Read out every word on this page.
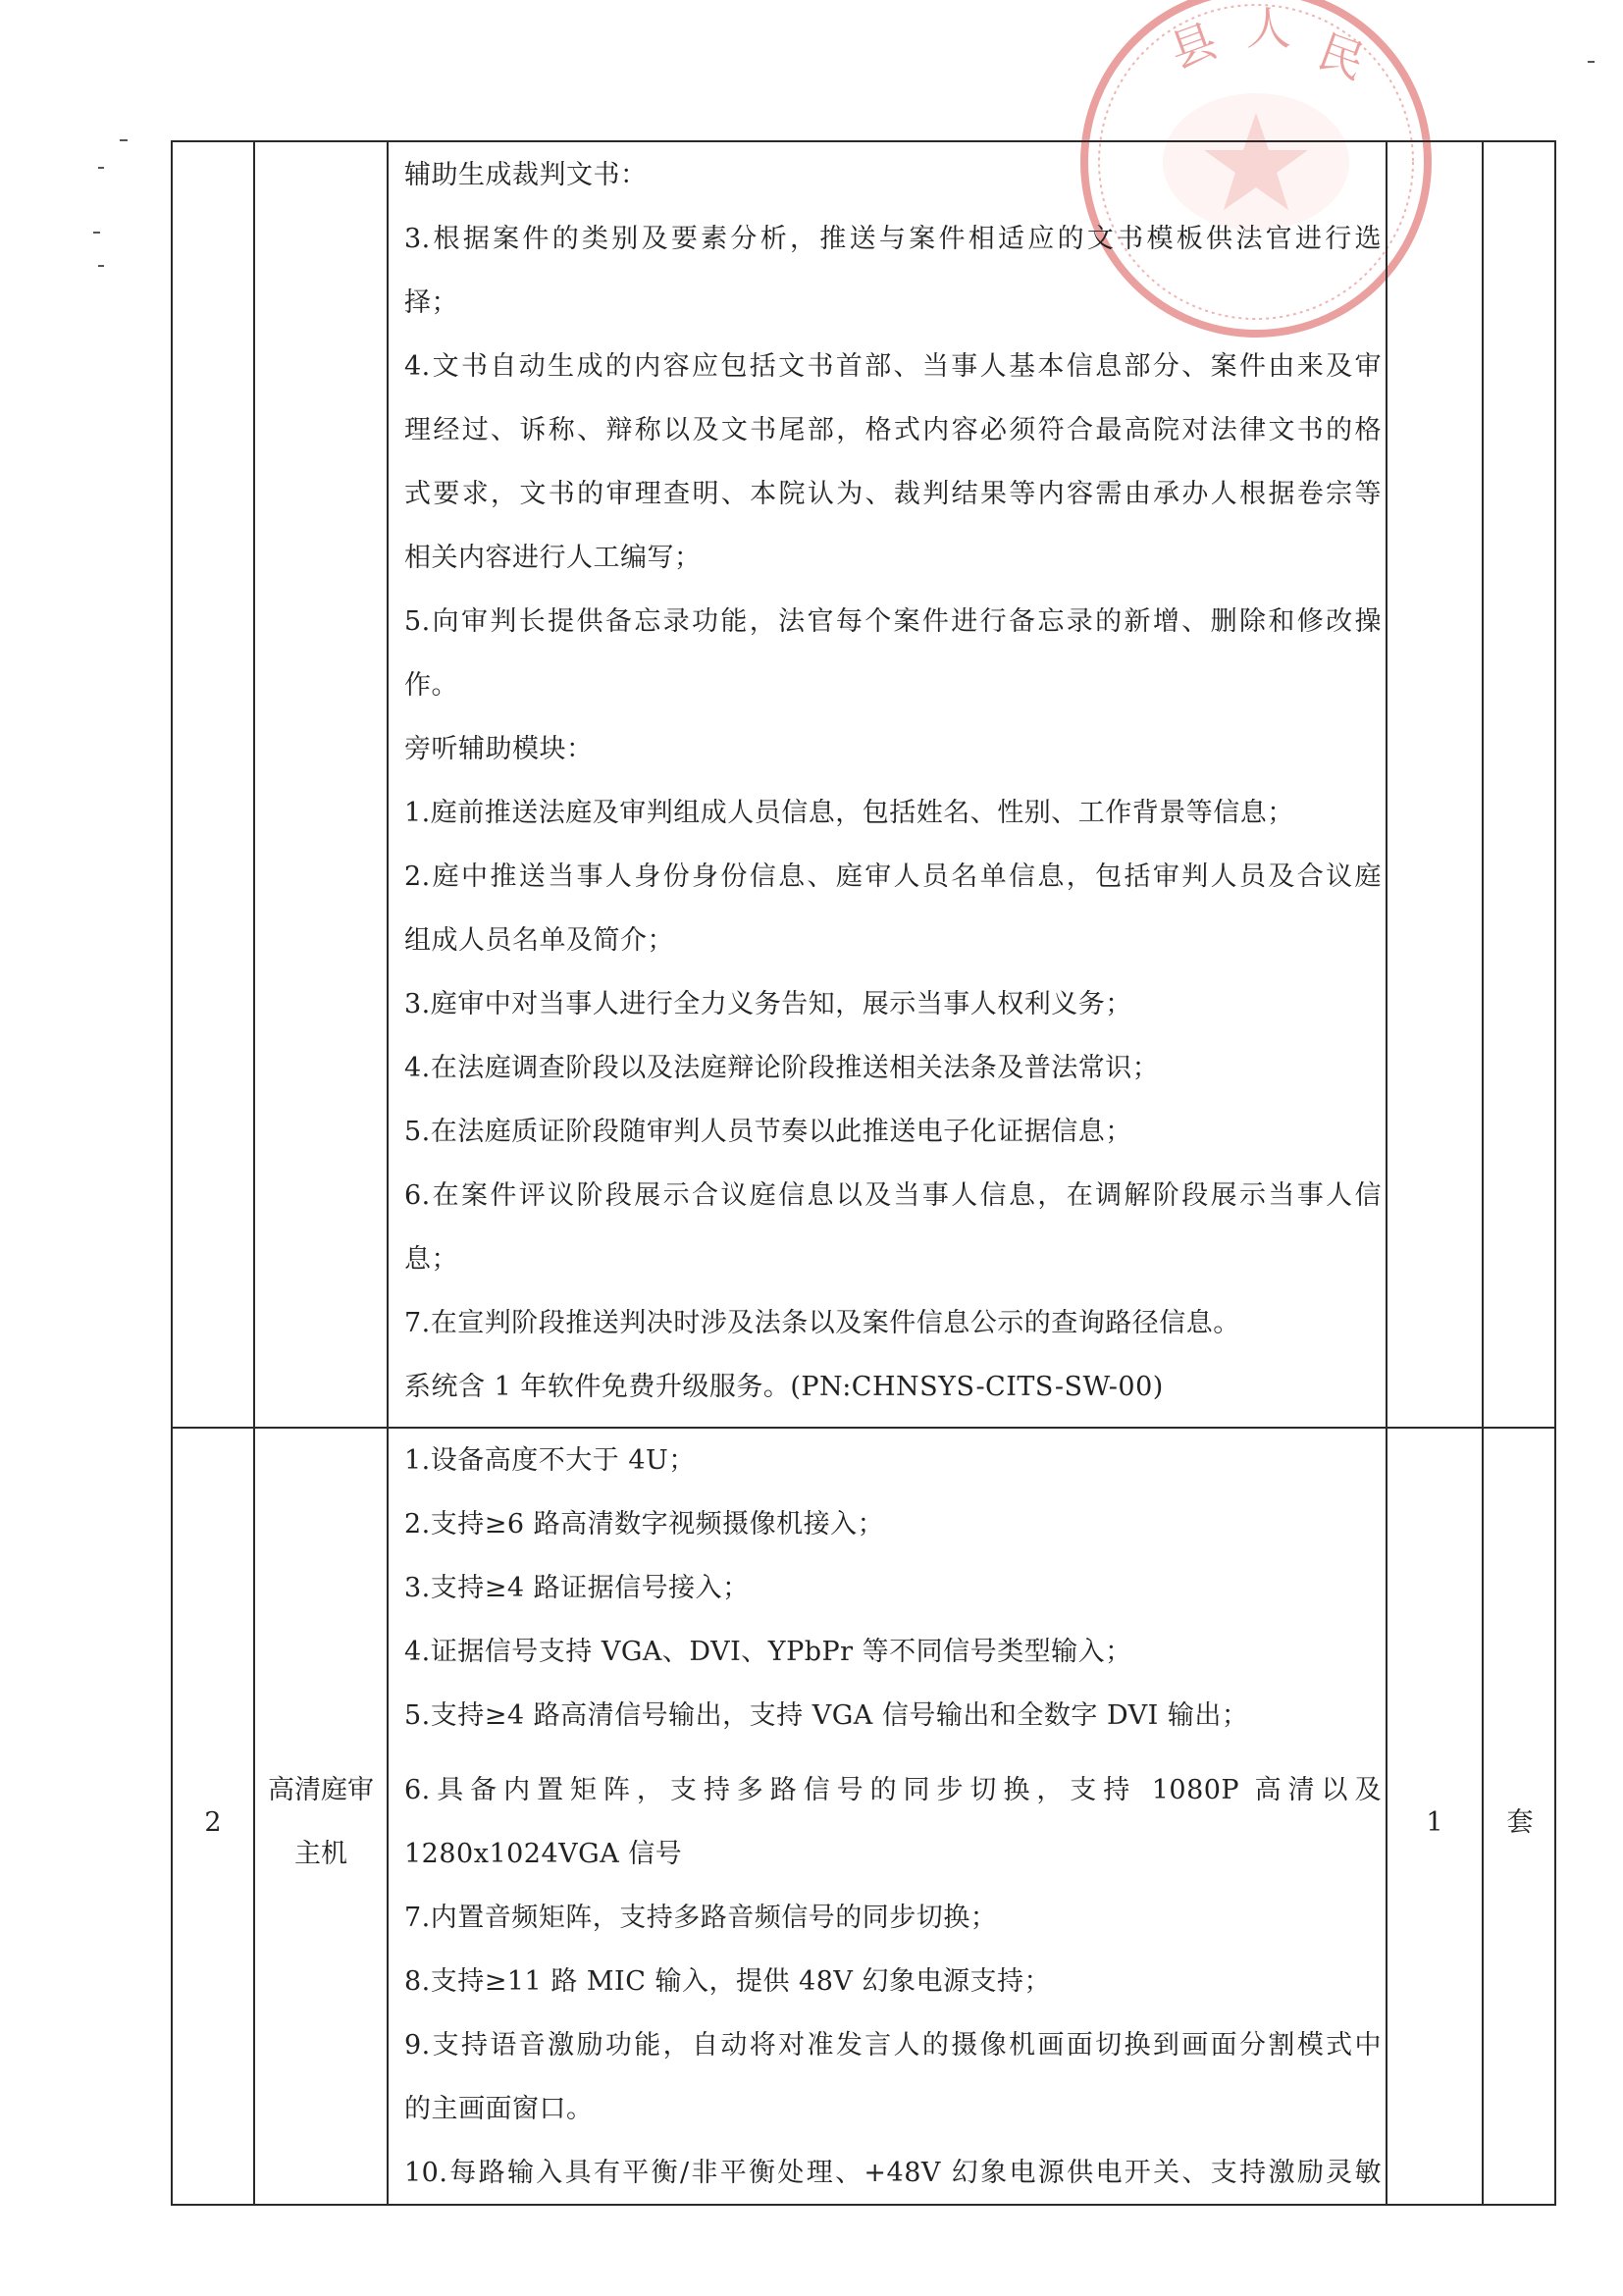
县 人 民
辅助生成裁判文书：
3.根据案件的类别及要素分析，推送与案件相适应的文书模板供法官进行选
择；
4.文书自动生成的内容应包括文书首部、当事人基本信息部分、案件由来及审
理经过、诉称、辩称以及文书尾部，格式内容必须符合最高院对法律文书的格
式要求，文书的审理查明、本院认为、裁判结果等内容需由承办人根据卷宗等
相关内容进行人工编写；
5.向审判长提供备忘录功能，法官每个案件进行备忘录的新增、删除和修改操
作。
旁听辅助模块：
1.庭前推送法庭及审判组成人员信息，包括姓名、性别、工作背景等信息；
2.庭中推送当事人身份身份信息、庭审人员名单信息，包括审判人员及合议庭
组成人员名单及简介；
3.庭审中对当事人进行全力义务告知，展示当事人权利义务；
4.在法庭调查阶段以及法庭辩论阶段推送相关法条及普法常识；
5.在法庭质证阶段随审判人员节奏以此推送电子化证据信息；
6.在案件评议阶段展示合议庭信息以及当事人信息，在调解阶段展示当事人信
息；
7.在宣判阶段推送判决时涉及法条以及案件信息公示的查询路径信息。
系统含 1 年软件免费升级服务。(PN:CHNSYS-CITS-SW-00)
2
高清庭审
主机
1.设备高度不大于 4U；
2.支持≥6 路高清数字视频摄像机接入；
3.支持≥4 路证据信号接入；
4.证据信号支持 VGA、DVI、YPbPr 等不同信号类型输入；
5.支持≥4 路高清信号输出，支持 VGA 信号输出和全数字 DVI 输出；
6.具备内置矩阵，支持多路信号的同步切换，支持 1080P 高清以及
1280x1024VGA 信号
7.内置音频矩阵，支持多路音频信号的同步切换；
8.支持≥11 路 MIC 输入，提供 48V 幻象电源支持；
9.支持语音激励功能，自动将对准发言人的摄像机画面切换到画面分割模式中
的主画面窗口。
10.每路输入具有平衡/非平衡处理、+48V 幻象电源供电开关、支持激励灵敏
1	套
